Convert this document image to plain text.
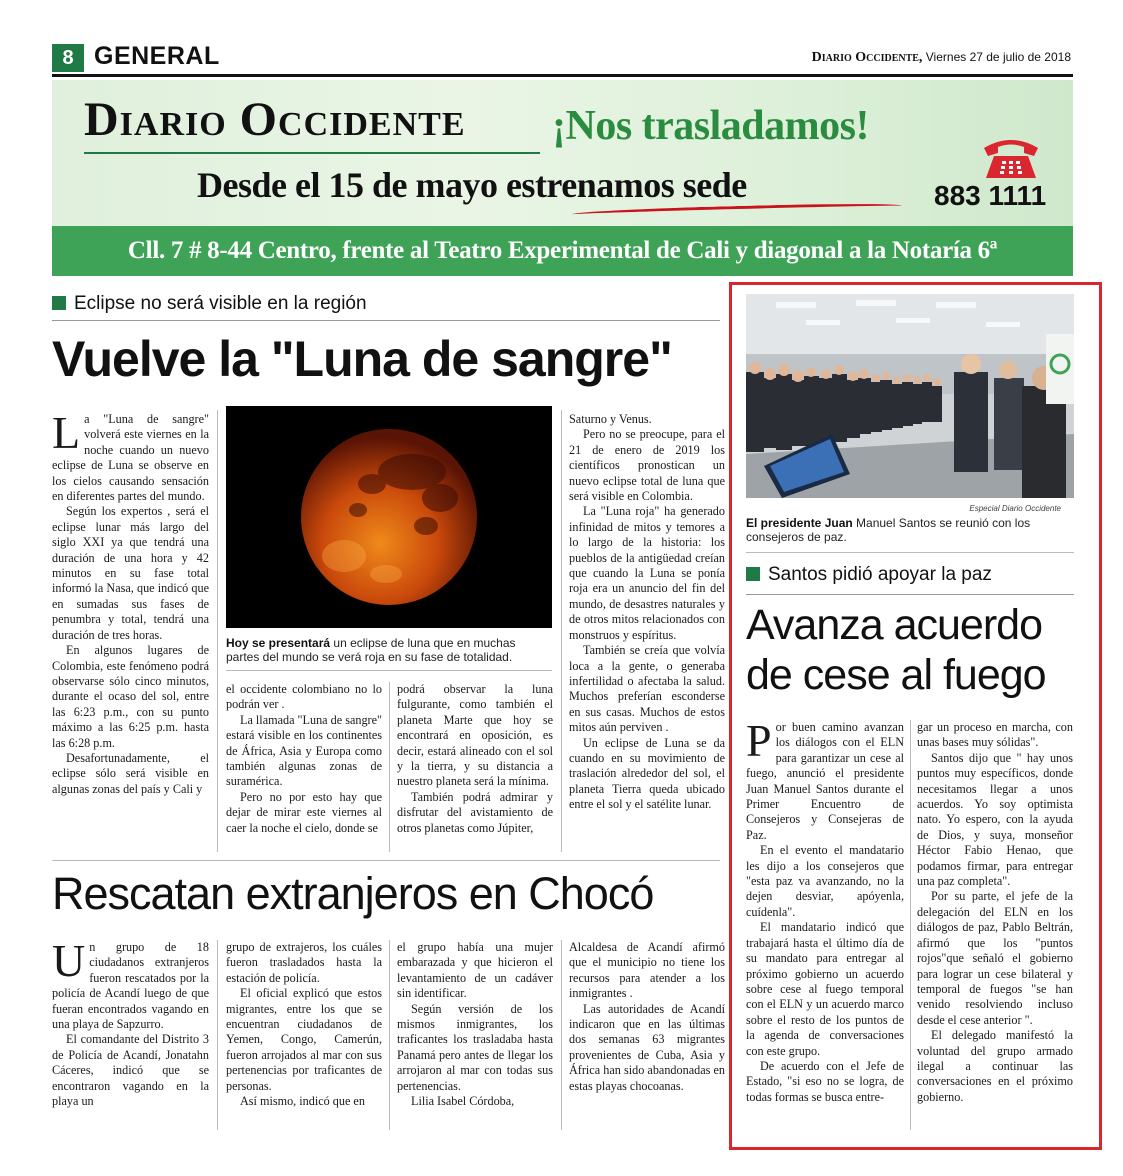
8 GENERAL	Diario Occidente, Viernes 27 de julio de 2018
Diario Occidente ¡Nos trasladamos!
Desde el 15 de mayo estrenamos sede	883 1111
Cll. 7 # 8-44 Centro, frente al Teatro Experimental de Cali y diagonal a la Notaría 6ª
Eclipse no será visible en la región
Vuelve la "Luna de sangre"

La "Luna de sangre" volverá este viernes en la noche cuando un nuevo eclipse de Luna se observe en los cielos causando sensación en diferentes partes del mundo.

Según los expertos , será el eclipse lunar más largo del siglo XXI ya que tendrá una duración de una hora y 42 minutos en su fase total informó la Nasa, que indicó que en sumadas sus fases de penumbra y total, tendrá una duración de tres horas.

En algunos lugares de Colombia, este fenómeno podrá observarse sólo cinco minutos, durante el ocaso del sol, entre las 6:23 p.m., con su punto máximo a las 6:25 p.m. hasta las 6:28 p.m.

Desafortunadamente, el eclipse sólo será visible en algunas zonas del país y Cali y

Hoy se presentará un eclipse de luna que en muchas partes del mundo se verá roja en su fase de totalidad.

el occidente colombiano no lo podrán ver .

La llamada "Luna de sangre" estará visible en los continentes de África, Asia y Europa como también algunas zonas de suramérica.

Pero no por esto hay que dejar de mirar este viernes al caer la noche el cielo, donde se

podrá observar la luna fulgurante, como también el planeta Marte que hoy se encontrará en oposición, es decir, estará alineado con el sol y la tierra, y su distancia a nuestro planeta será la mínima.

También podrá admirar y disfrutar del avistamiento de otros planetas como Júpiter,

Saturno y Venus.

Pero no se preocupe, para el 21 de enero de 2019 los científicos pronostican un nuevo eclipse total de luna que será visible en Colombia.

La "Luna roja" ha generado infinidad de mitos y temores a lo largo de la historia: los pueblos de la antigüedad creían que cuando la Luna se ponía roja era un anuncio del fin del mundo, de desastres naturales y de otros mitos relacionados con monstruos y espíritus.

También se creía que volvía loca a la gente, o generaba infertilidad o afectaba la salud. Muchos preferían esconderse en sus casas. Muchos de estos mitos aún perviven .

Un eclipse de Luna se da cuando en su movimiento de traslación alrededor del sol, el planeta Tierra queda ubicado entre el sol y el satélite lunar.

Rescatan extranjeros en Chocó

Un grupo de 18 ciudadanos extranjeros fueron rescatados por la policía de Acandí luego de que fueran encontrados vagando en una playa de Sapzurro.

El comandante del Distrito 3 de Policía de Acandí, Jonatahn Cáceres, indicó que se encontraron vagando en la playa un

grupo de extrajeros, los cuáles fueron trasladados hasta la estación de policía.

El oficial explicó que estos migrantes, entre los que se encuentran ciudadanos de Yemen, Congo, Camerún, fueron arrojados al mar con sus pertenencias por traficantes de personas.

Así mismo, indicó que en

el grupo había una mujer embarazada y que hicieron el levantamiento de un cadáver sin identificar.

Según versión de los mismos inmigrantes, los traficantes los trasladaba hasta Panamá pero antes de llegar los arrojaron al mar con todas sus pertenencias.

Lilia Isabel Córdoba,

Alcaldesa de Acandí afirmó que el municipio no tiene los recursos para atender a los inmigrantes .

Las autoridades de Acandí indicaron que en las últimas dos semanas 63 migrantes provenientes de Cuba, Asia y África han sido abandonadas en estas playas chocoanas.

Especial Diario Occidente
El presidente Juan Manuel Santos se reunió con los consejeros de paz.
Santos pidió apoyar la paz
Avanza acuerdo
de cese al fuego

Por buen camino avanzan los diálogos con el ELN para garantizar un cese al fuego, anunció el presidente Juan Manuel Santos durante el Primer Encuentro de Consejeros y Consejeras de Paz.

En el evento el mandatario les dijo a los consejeros que "esta paz va avanzando, no la dejen desviar, apóyenla, cuídenla".

El mandatario indicó que trabajará hasta el último día de su mandato para entregar al próximo gobierno un acuerdo sobre cese al fuego temporal con el ELN y un acuerdo marco sobre el resto de los puntos de la agenda de conversaciones con este grupo.

De acuerdo con el Jefe de Estado, "si eso no se logra, de todas formas se busca entre-

gar un proceso en marcha, con unas bases muy sólidas".

Santos dijo que " hay unos puntos muy específicos, donde necesitamos llegar a unos acuerdos. Yo soy optimista nato. Yo espero, con la ayuda de Dios, y suya, monseñor Héctor Fabio Henao, que podamos firmar, para entregar una paz completa".

Por su parte, el jefe de la delegación del ELN en los diálogos de paz, Pablo Beltrán, afirmó que los "puntos rojos"que señaló el gobierno para lograr un cese bilateral y temporal de fuegos "se han venido resolviendo incluso desde el cese anterior ".

El delegado manifestó la voluntad del grupo armado ilegal a continuar las conversaciones en el próximo gobierno.
